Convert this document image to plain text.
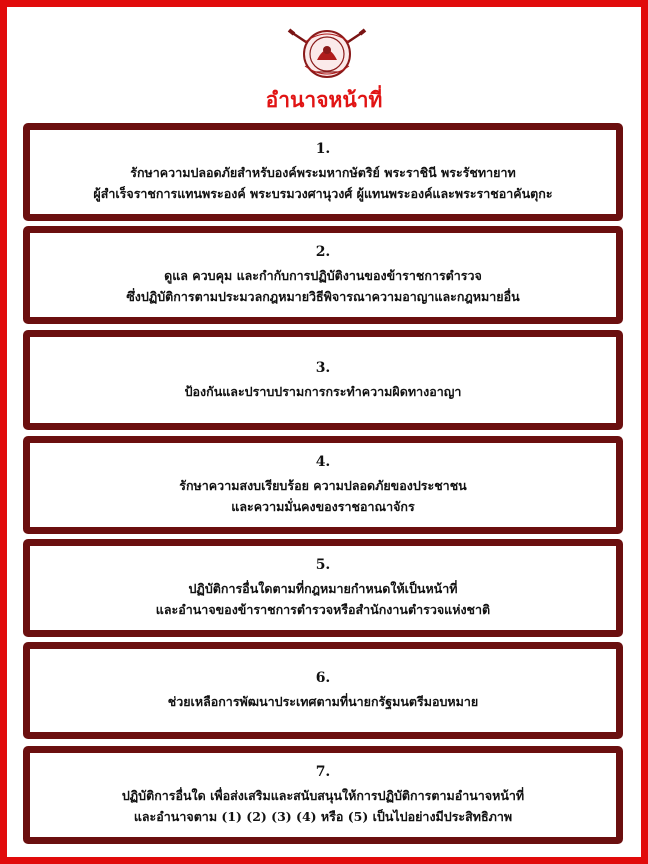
อำนาจหน้าที่
1.
รักษาความปลอดภัยสำหรับองค์พระมหากษัตริย์ พระราชินี พระรัชทายาท
ผู้สำเร็จราชการแทนพระองค์ พระบรมวงศานุวงศ์ ผู้แทนพระองค์และพระราชอาคันตุกะ
2.
ดูแล ควบคุม และกำกับการปฏิบัติงานของข้าราชการตำรวจ
ซึ่งปฏิบัติการตามประมวลกฎหมายวิธีพิจารณาความอาญาและกฎหมายอื่น
3.
ป้องกันและปราบปรามการกระทำความผิดทางอาญา
4.
รักษาความสงบเรียบร้อย ความปลอดภัยของประชาชน
และความมั่นคงของราชอาณาจักร
5.
ปฏิบัติการอื่นใดตามที่กฎหมายกำหนดให้เป็นหน้าที่
และอำนาจของข้าราชการตำรวจหรือสำนักงานตำรวจแห่งชาติ
6.
ช่วยเหลือการพัฒนาประเทศตามที่นายกรัฐมนตรีมอบหมาย
7.
ปฏิบัติการอื่นใด เพื่อส่งเสริมและสนับสนุนให้การปฏิบัติการตามอำนาจหน้าที่
และอำนาจตาม (1) (2) (3) (4) หรือ (5) เป็นไปอย่างมีประสิทธิภาพ
